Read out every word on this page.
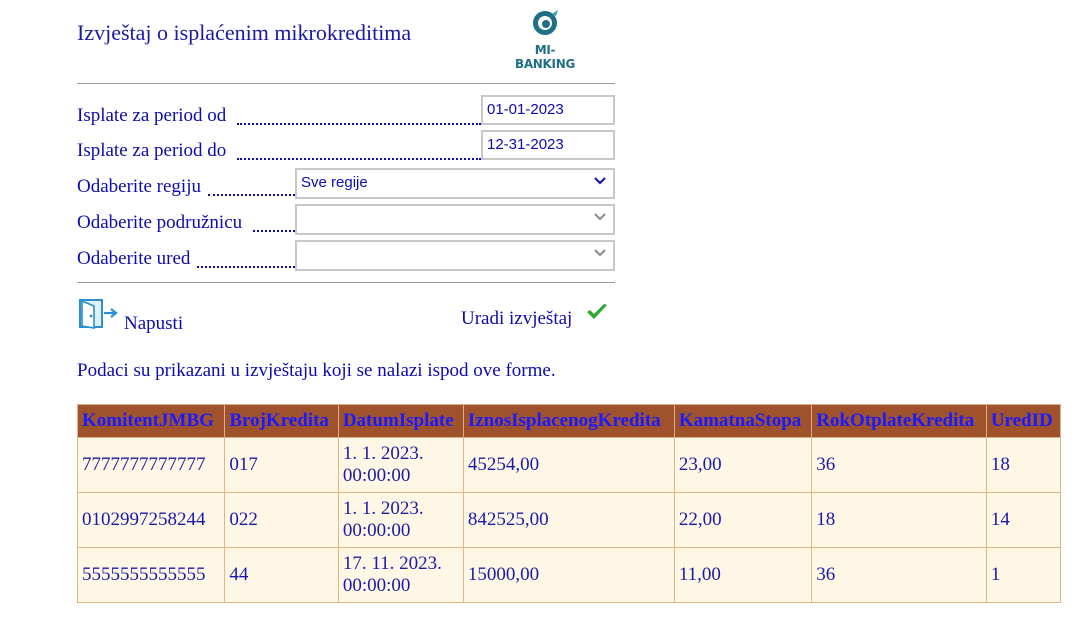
Izvještaj o isplaćenim mikrokreditima
MI-BANKING
Isplate za period od	01-01-2023
Isplate za period do	12-31-2023
Odaberite regiju	Sve regije
Odaberite podružnicu
Odaberite ured
Napusti	Uradi izvještaj
Podaci su prikazani u izvještaju koji se nalazi ispod ove forme.
KomitentJMBG	BrojKredita	DatumIsplate	IznosIsplacenogKredita	KamatnaStopa	RokOtplateKredita	UredID
7777777777777	017	1. 1. 2023. 00:00:00	45254,00	23,00	36	18
0102997258244	022	1. 1. 2023. 00:00:00	842525,00	22,00	18	14
5555555555555	44	17. 11. 2023. 00:00:00	15000,00	11,00	36	1
